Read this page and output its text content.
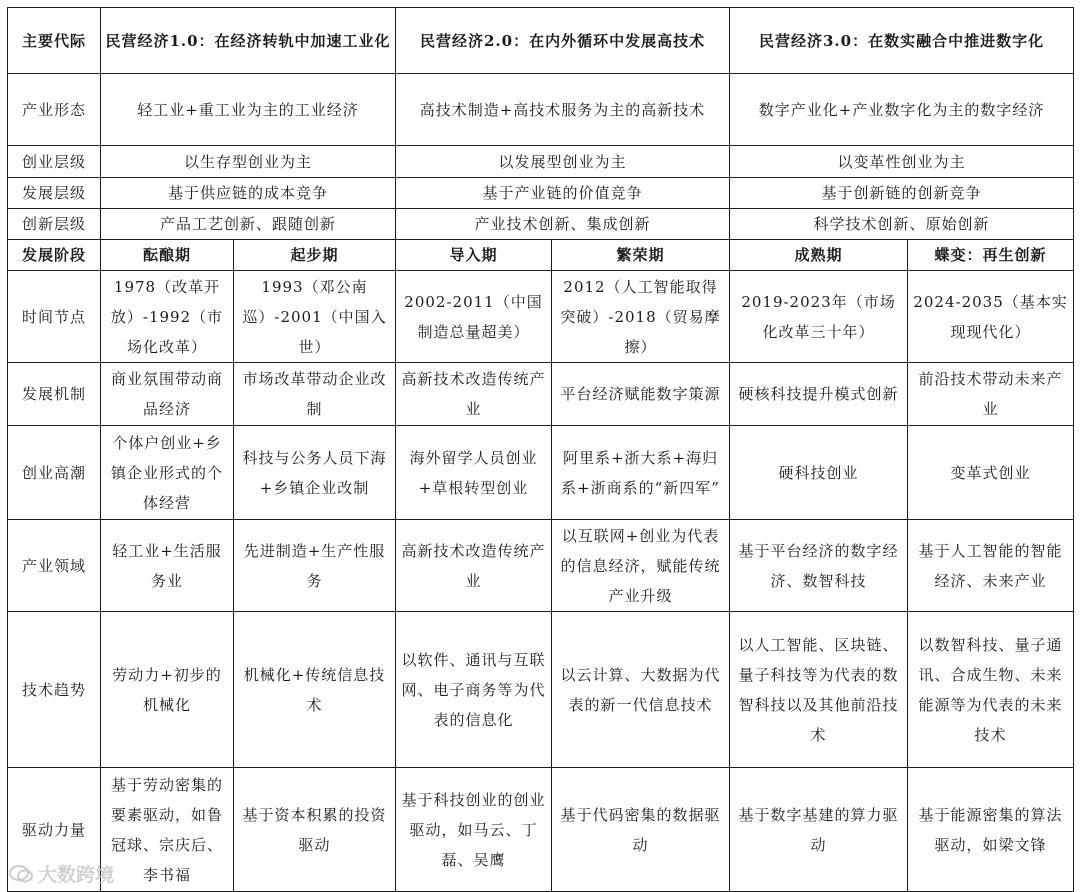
主要代际	民营经济1.0：在经济转轨中加速工业化		民营经济2.0：在内外循环中发展高技术		民营经济3.0：在数实融合中推进数字化	
产业形态	轻工业+重工业为主的工业经济		高技术制造+高技术服务为主的高新技术		数字产业化+产业数字化为主的数字经济	
创业层级	以生存型创业为主		以发展型创业为主		以变革性创业为主	
发展层级	基于供应链的成本竞争		基于产业链的价值竞争		基于创新链的创新竞争	
创新层级	产品工艺创新、跟随创新		产业技术创新、集成创新		科学技术创新、原始创新	
发展阶段	酝酿期	起步期	导入期	繁荣期	成熟期	蝶变：再生创新
时间节点	1978（改革开放）-1992（市场化改革）	1993（邓公南巡）-2001（中国入世）	2002-2011（中国制造总量超美）	2012（人工智能取得突破）-2018（贸易摩擦）	2019-2023年（市场化改革三十年）	2024-2035（基本实现现代化）
发展机制	商业氛围带动商品经济	市场改革带动企业改制	高新技术改造传统产业	平台经济赋能数字策源	硬核科技提升模式创新	前沿技术带动未来产业
创业高潮	个体户创业+乡镇企业形式的个体经营	科技与公务人员下海+乡镇企业改制	海外留学人员创业+草根转型创业	阿里系+浙大系+海归系+浙商系的“新四军”	硬科技创业	变革式创业
产业领域	轻工业+生活服务业	先进制造+生产性服务	高新技术改造传统产业	以互联网+创业为代表的信息经济，赋能传统产业升级	基于平台经济的数字经济、数智科技	基于人工智能的智能经济、未来产业
技术趋势	劳动力+初步的机械化	机械化+传统信息技术	以软件、通讯与互联网、电子商务等为代表的信息化	以云计算、大数据为代表的新一代信息技术	以人工智能、区块链、量子科技等为代表的数智科技以及其他前沿技术	以数智科技、量子通讯、合成生物、未来能源等为代表的未来技术
驱动力量	基于劳动密集的要素驱动，如鲁冠球、宗庆后、李书福	基于资本积累的投资驱动	基于科技创业的创业驱动，如马云、丁磊、吴鹰	基于代码密集的数据驱动	基于数字基建的算力驱动	基于能源密集的算法驱动，如梁文锋
大数跨境
